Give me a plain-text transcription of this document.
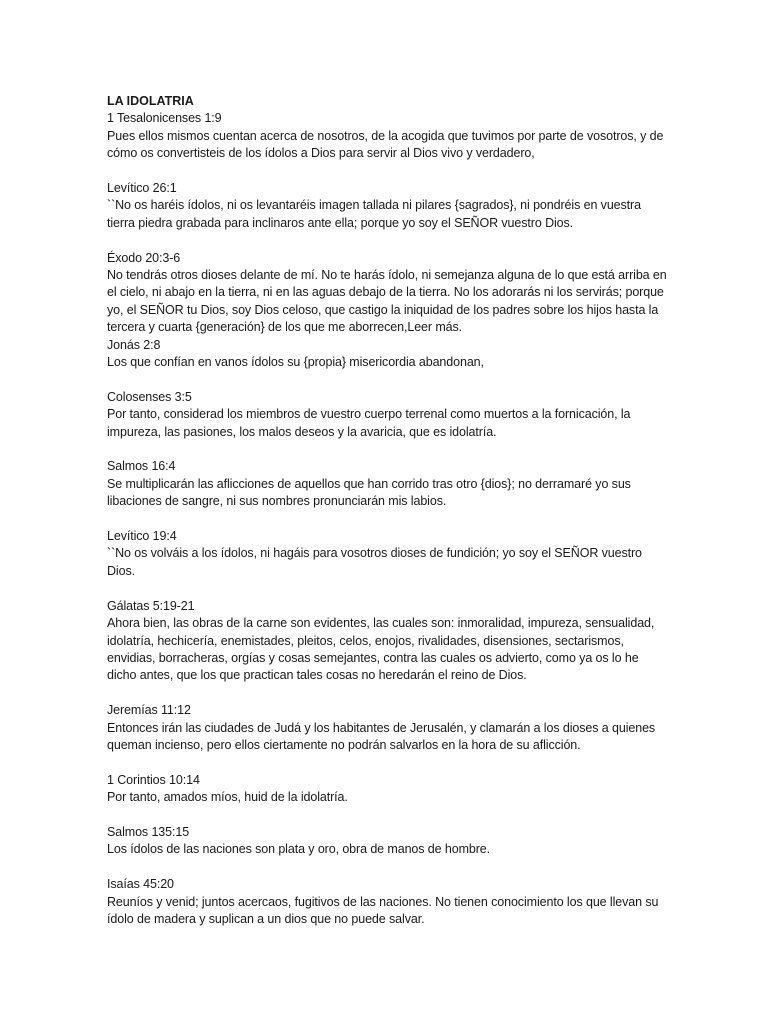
LA IDOLATRIA

1 Tesalonicenses 1:9

Pues ellos mismos cuentan acerca de nosotros, de la acogida que tuvimos por parte de vosotros, y de cómo os convertisteis de los ídolos a Dios para servir al Dios vivo y verdadero,

Levítico 26:1

``No os haréis ídolos, ni os levantaréis imagen tallada ni pilares {sagrados}, ni pondréis en vuestra tierra piedra grabada para inclinaros ante ella; porque yo soy el SEÑOR vuestro Dios.

Éxodo 20:3-6

No tendrás otros dioses delante de mí. No te harás ídolo, ni semejanza alguna de lo que está arriba en el cielo, ni abajo en la tierra, ni en las aguas debajo de la tierra. No los adorarás ni los servirás; porque yo, el SEÑOR tu Dios, soy Dios celoso, que castigo la iniquidad de los padres sobre los hijos hasta la tercera y cuarta {generación} de los que me aborrecen,Leer más.

Jonás 2:8

Los que confían en vanos ídolos su {propia} misericordia abandonan,

Colosenses 3:5

Por tanto, considerad los miembros de vuestro cuerpo terrenal como muertos a la fornicación, la impureza, las pasiones, los malos deseos y la avaricia, que es idolatría.

Salmos 16:4

Se multiplicarán las aflicciones de aquellos que han corrido tras otro {dios}; no derramaré yo sus libaciones de sangre, ni sus nombres pronunciarán mis labios.

Levítico 19:4

``No os volváis a los ídolos, ni hagáis para vosotros dioses de fundición; yo soy el SEÑOR vuestro Dios.

Gálatas 5:19-21

Ahora bien, las obras de la carne son evidentes, las cuales son: inmoralidad, impureza, sensualidad, idolatría, hechicería, enemistades, pleitos, celos, enojos, rivalidades, disensiones, sectarismos, envidias, borracheras, orgías y cosas semejantes, contra las cuales os advierto, como ya os lo he dicho antes, que los que practican tales cosas no heredarán el reino de Dios.

Jeremías 11:12

Entonces irán las ciudades de Judá y los habitantes de Jerusalén, y clamarán a los dioses a quienes queman incienso, pero ellos ciertamente no podrán salvarlos en la hora de su aflicción.

1 Corintios 10:14

Por tanto, amados míos, huid de la idolatría.

Salmos 135:15

Los ídolos de las naciones son plata y oro, obra de manos de hombre.

Isaías 45:20

Reuníos y venid; juntos acercaos, fugitivos de las naciones. No tienen conocimiento los que llevan su ídolo de madera y suplican a un dios que no puede salvar.
